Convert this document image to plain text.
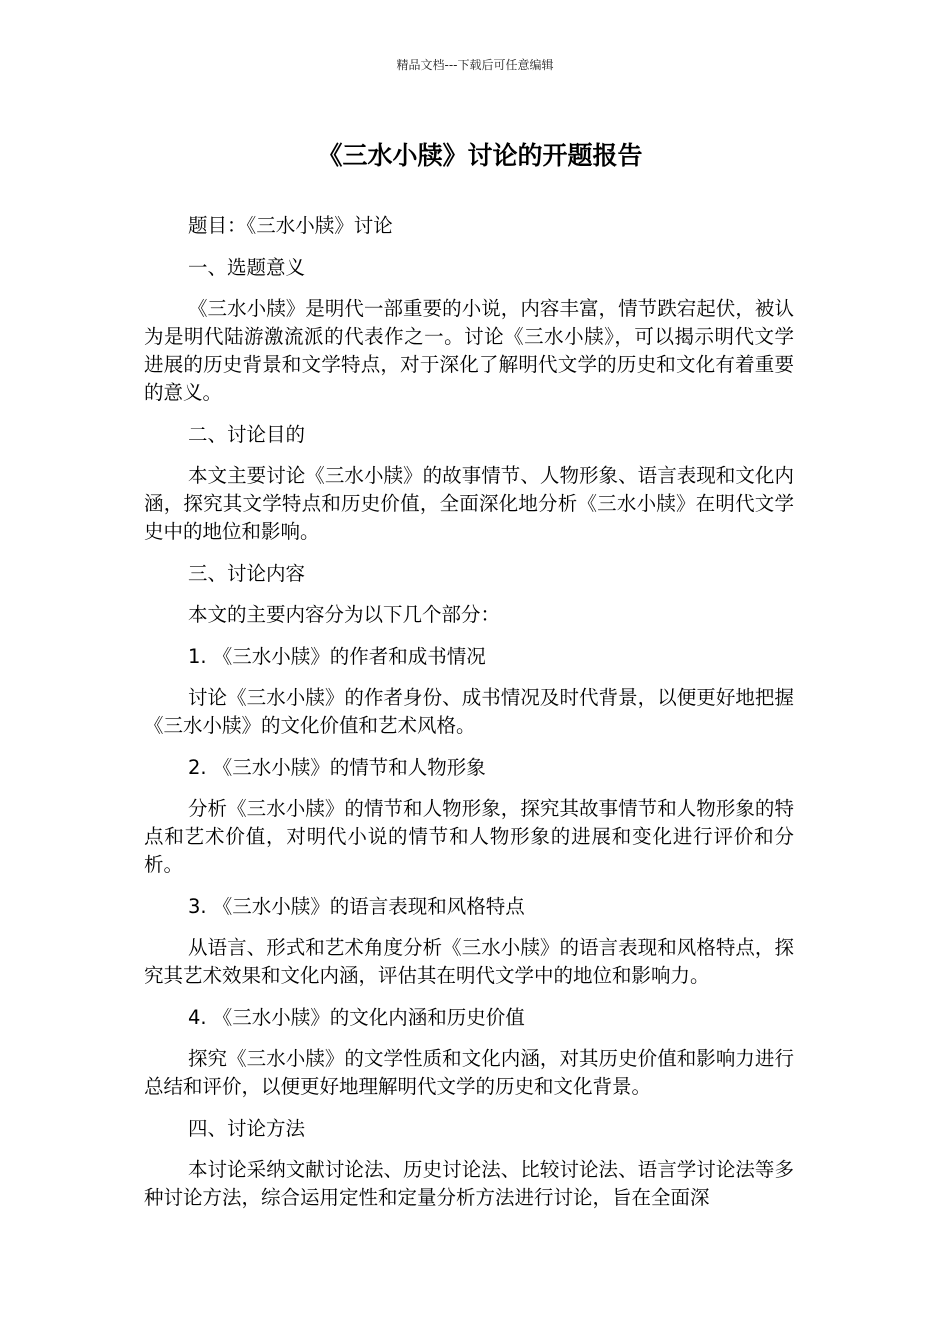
精品文档---下载后可任意编辑
《三水小牍》讨论的开题报告

题目：《三水小牍》讨论

一、选题意义

《三水小牍》是明代一部重要的小说，内容丰富，情节跌宕起伏，被认为是明代陆游激流派的代表作之一。讨论《三水小牍》，可以揭示明代文学进展的历史背景和文学特点，对于深化了解明代文学的历史和文化有着重要的意义。

二、讨论目的

本文主要讨论《三水小牍》的故事情节、人物形象、语言表现和文化内涵，探究其文学特点和历史价值，全面深化地分析《三水小牍》在明代文学史中的地位和影响。

三、讨论内容

本文的主要内容分为以下几个部分：

1. 《三水小牍》的作者和成书情况

讨论《三水小牍》的作者身份、成书情况及时代背景，以便更好地把握《三水小牍》的文化价值和艺术风格。

2. 《三水小牍》的情节和人物形象

分析《三水小牍》的情节和人物形象，探究其故事情节和人物形象的特点和艺术价值，对明代小说的情节和人物形象的进展和变化进行评价和分析。

3. 《三水小牍》的语言表现和风格特点

从语言、形式和艺术角度分析《三水小牍》的语言表现和风格特点，探究其艺术效果和文化内涵，评估其在明代文学中的地位和影响力。

4. 《三水小牍》的文化内涵和历史价值

探究《三水小牍》的文学性质和文化内涵，对其历史价值和影响力进行总结和评价，以便更好地理解明代文学的历史和文化背景。

四、讨论方法

本讨论采纳文献讨论法、历史讨论法、比较讨论法、语言学讨论法等多种讨论方法，综合运用定性和定量分析方法进行讨论，旨在全面深
